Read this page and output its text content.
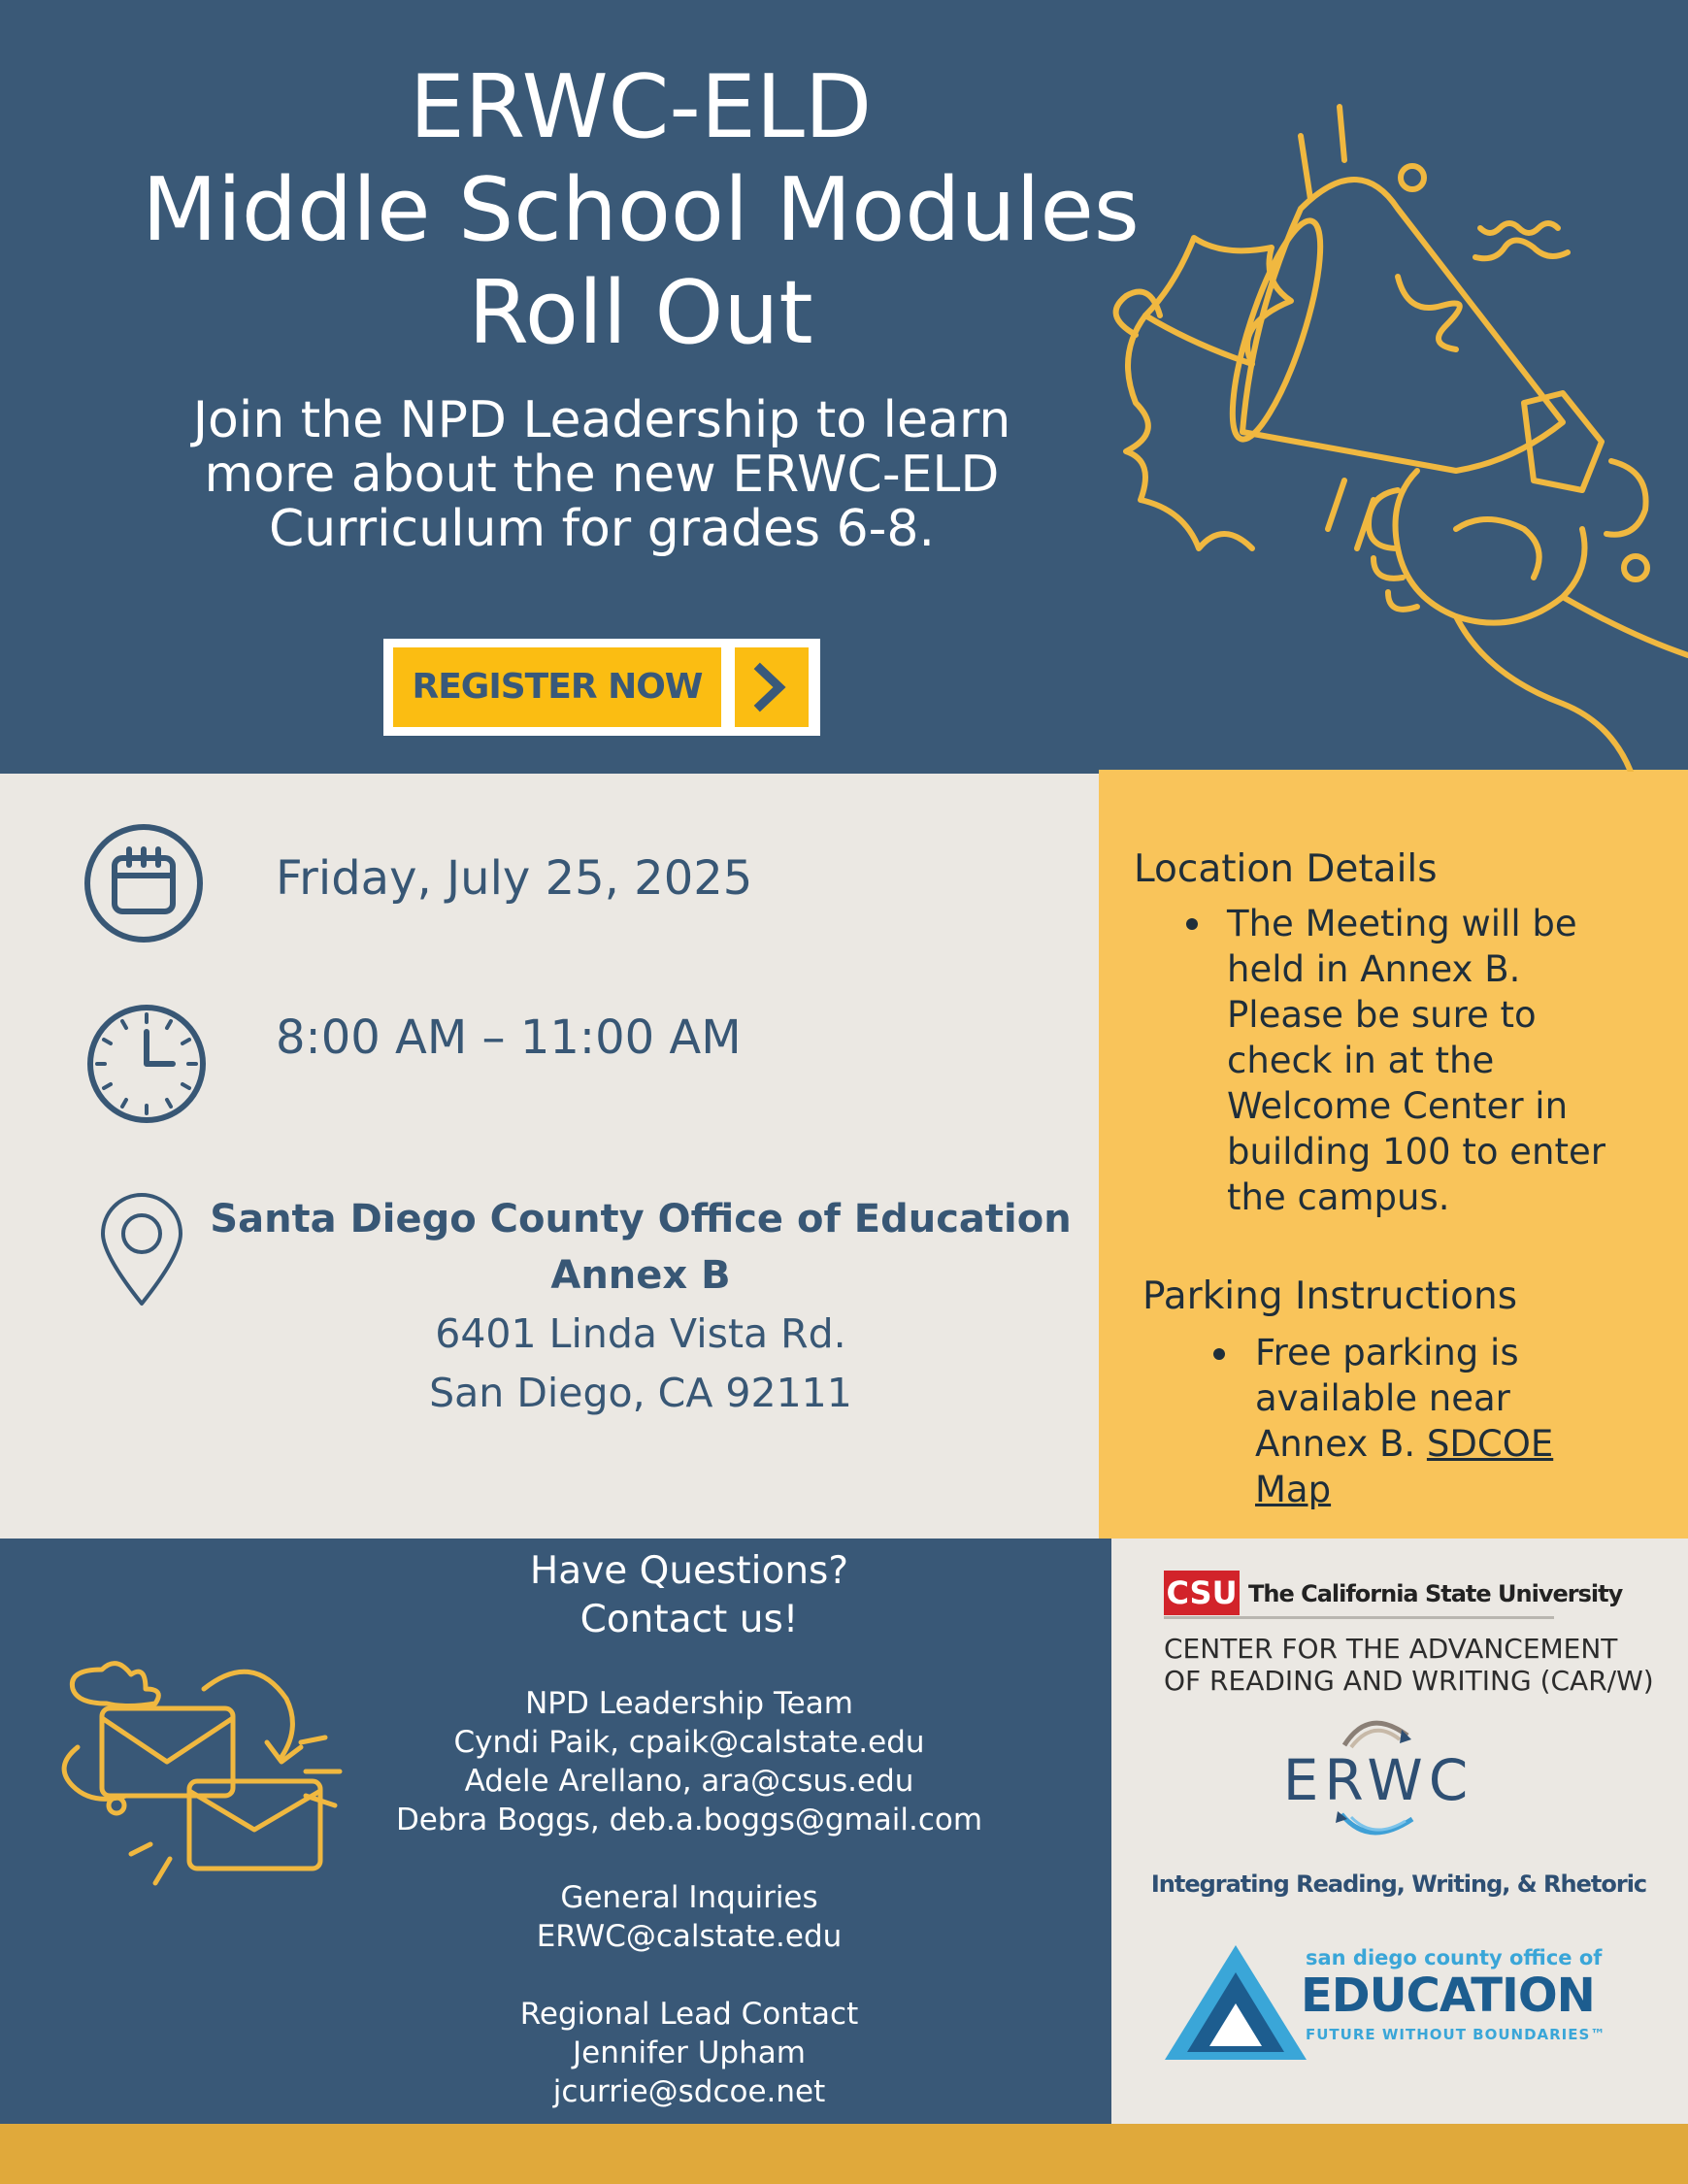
ERWC-ELD
Middle School Modules
Roll Out
Join the NPD Leadership to learn
more about the new ERWC-ELD
Curriculum for grades 6-8.
REGISTER NOW
Friday, July 25, 2025
8:00 AM – 11:00 AM
Santa Diego County Office of Education
Annex B
6401 Linda Vista Rd.
San Diego, CA 92111
Location Details
The Meeting will be
held in Annex B.
Please be sure to
check in at the
Welcome Center in
building 100 to enter
the campus.
Parking Instructions
Free parking is
available near
Annex B. SDCOE
Map
Have Questions?
Contact us!
NPD Leadership Team
Cyndi Paik, cpaik@calstate.edu
Adele Arellano, ara@csus.edu
Debra Boggs, deb.a.boggs@gmail.com
General Inquiries
ERWC@calstate.edu
Regional Lead Contact
Jennifer Upham
jcurrie@sdcoe.net
CSU The California State University
CENTER FOR THE ADVANCEMENT
OF READING AND WRITING (CAR/W)
ERWC
Integrating Reading, Writing, & Rhetoric
san diego county office of
EDUCATION
FUTURE WITHOUT BOUNDARIES™
